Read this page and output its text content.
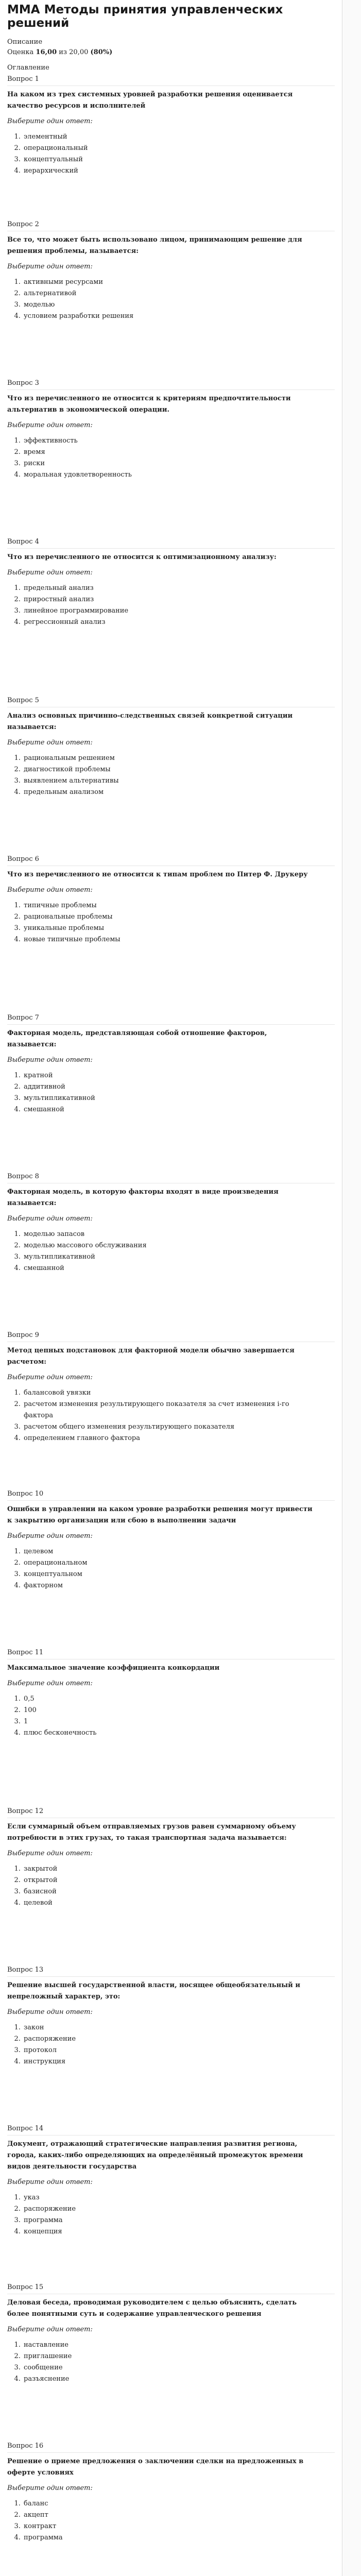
ММА Методы принятия управленческих решений
Описание
Оценка 16,00 из 20,00 (80%)
Оглавление
Вопрос 1
На каком из трех системных уровней разработки решения оценивается качество ресурсов и исполнителей
Выберите один ответ:
1. элементный
2. операциональный
3. концептуальный
4. иерархический
Вопрос 2
Все то, что может быть использовано лицом, принимающим решение для решения проблемы, называется:
Выберите один ответ:
1. активными ресурсами
2. альтернативой
3. моделью
4. условием разработки решения
Вопрос 3
Что из перечисленного не относится к критериям предпочтительности альтернатив в экономической операции.
Выберите один ответ:
1. эффективность
2. время
3. риски
4. моральная удовлетворенность
Вопрос 4
Что из перечисленного не относится к оптимизационному анализу:
Выберите один ответ:
1. предельный анализ
2. приростный анализ
3. линейное программирование
4. регрессионный анализ
Вопрос 5
Анализ основных причинно-следственных связей конкретной ситуации называется:
Выберите один ответ:
1. рациональным решением
2. диагностикой проблемы
3. выявлением альтернативы
4. предельным анализом
Вопрос 6
Что из перечисленного не относится к типам проблем по Питер Ф. Друкеру
Выберите один ответ:
1. типичные проблемы
2. рациональные проблемы
3. уникальные проблемы
4. новые типичные проблемы
Вопрос 7
Факторная модель, представляющая собой отношение факторов, называется:
Выберите один ответ:
1. кратной
2. аддитивной
3. мультипликативной
4. смешанной
Вопрос 8
Факторная модель, в которую факторы входят в виде произведения называется:
Выберите один ответ:
1. моделью запасов
2. моделью массового обслуживания
3. мультипликативной
4. смешанной
Вопрос 9
Метод цепных подстановок для факторной модели обычно завершается расчетом:
Выберите один ответ:
1. балансовой увязки
2. расчетом изменения результирующего показателя за счет изменения i-го фактора
3. расчетом общего изменения результирующего показателя
4. определением главного фактора
Вопрос 10
Ошибки в управлении на каком уровне разработки решения могут привести к закрытию организации или сбою в выполнении задачи
Выберите один ответ:
1. целевом
2. операциональном
3. концептуальном
4. факторном
Вопрос 11
Максимальное значение коэффициента конкордации
Выберите один ответ:
1. 0,5
2. 100
3. 1
4. плюс бесконечность
Вопрос 12
Если суммарный объем отправляемых грузов равен суммарному объему потребности в этих грузах, то такая транспортная задача называется:
Выберите один ответ:
1. закрытой
2. открытой
3. базисной
4. целевой
Вопрос 13
Решение высшей государственной власти, носящее общеобязательный и непреложный характер, это:
Выберите один ответ:
1. закон
2. распоряжение
3. протокол
4. инструкция
Вопрос 14
Документ, отражающий стратегические направления развития региона, города, каких-либо определяющих на определённый промежуток времени видов деятельности государства
Выберите один ответ:
1. указ
2. распоряжение
3. программа
4. концепция
Вопрос 15
Деловая беседа, проводимая руководителем с целью объяснить, сделать более понятными суть и содержание управленческого решения
Выберите один ответ:
1. наставление
2. приглашение
3. сообщение
4. разъяснение
Вопрос 16
Решение о приеме предложения о заключении сделки на предложенных в оферте условиях
Выберите один ответ:
1. баланс
2. акцепт
3. контракт
4. программа
